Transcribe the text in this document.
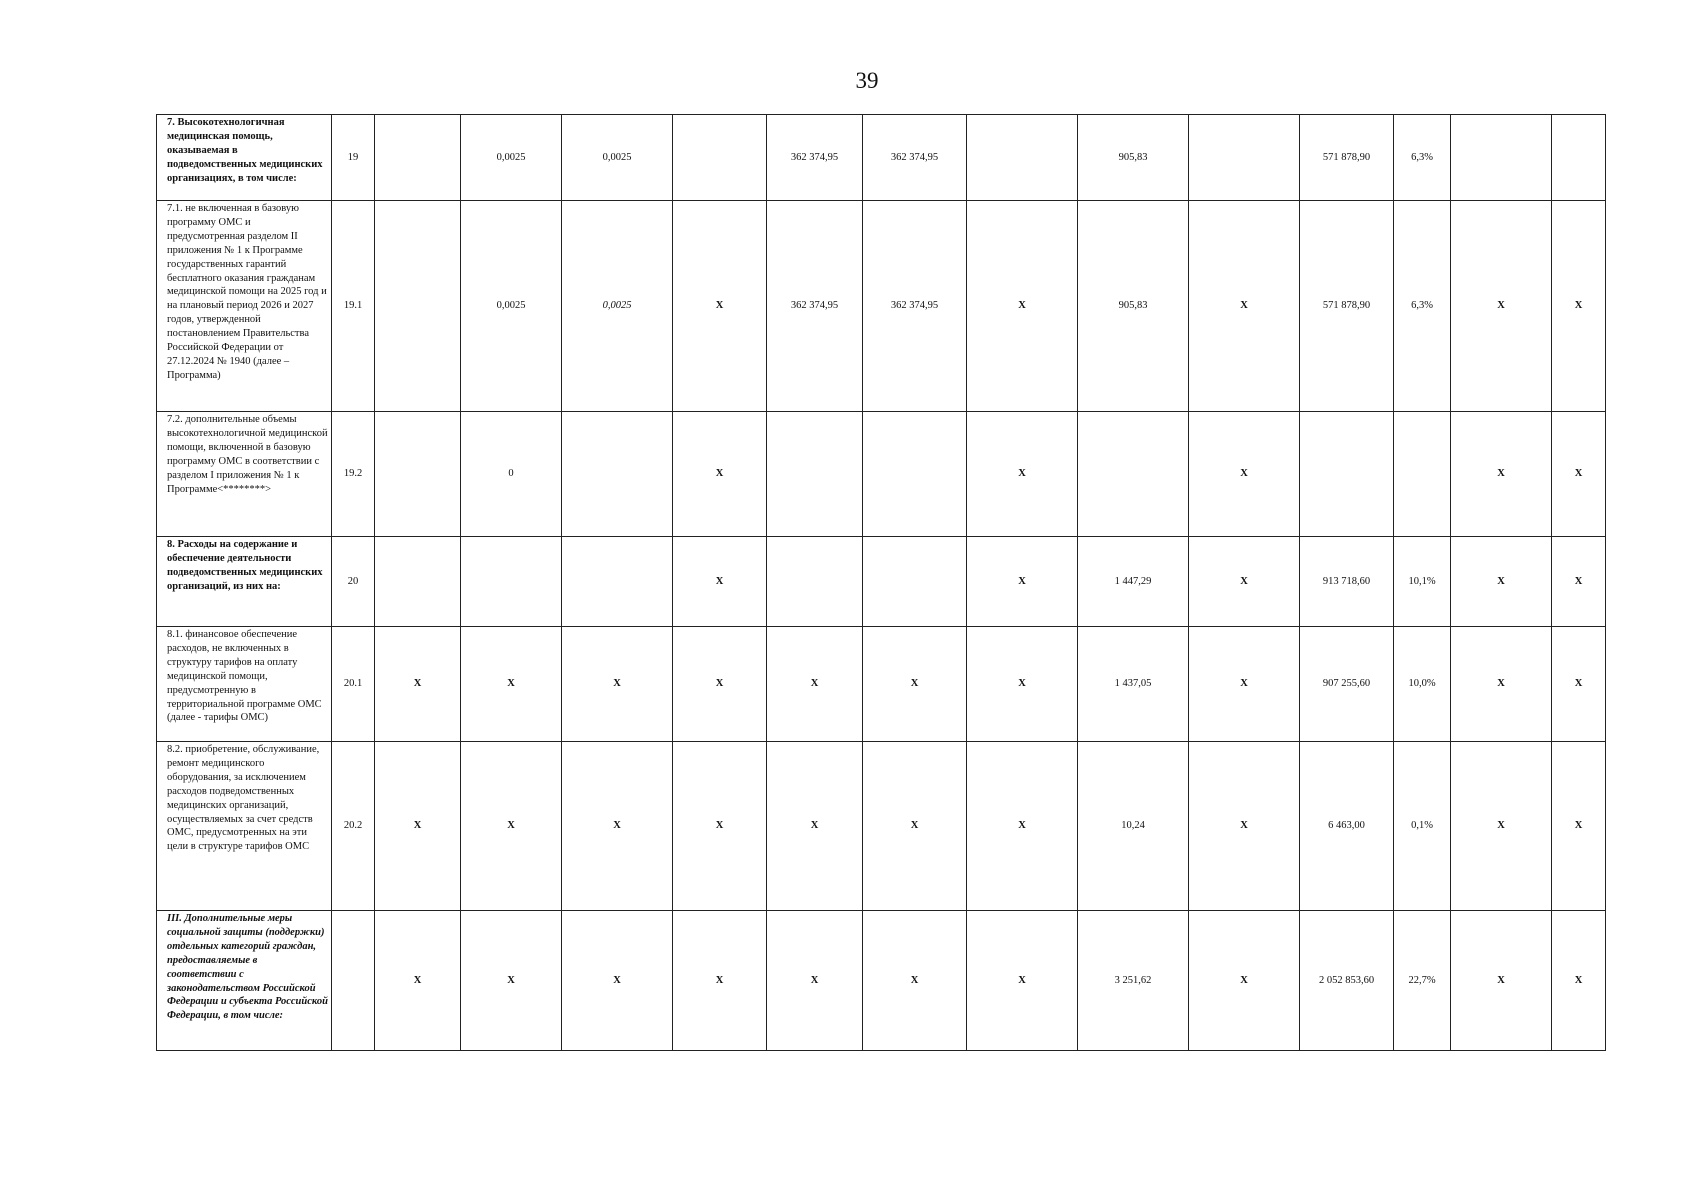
39
7. Высокотехнологичная медицинская помощь, оказываемая в подведомственных медицинских организациях, в том числе:	19		0,0025	0,0025		362 374,95	362 374,95		905,83		571 878,90	6,3%		
7.1. не включенная в базовую программу ОМС и предусмотренная разделом II приложения № 1 к Программе государственных гарантий бесплатного оказания гражданам медицинской помощи на 2025 год и на плановый период 2026 и 2027 годов, утвержденной постановлением Правительства Российской Федерации от 27.12.2024 № 1940 (далее – Программа)	19.1		0,0025	0,0025	X	362 374,95	362 374,95	X	905,83	X	571 878,90	6,3%	X	X
7.2. дополнительные объемы высокотехнологичной медицинской помощи, включенной в базовую программу ОМС в соответствии с разделом I приложения № 1 к Программе<********>	19.2		0		X			X		X			X	X
8. Расходы на содержание и обеспечение деятельности подведомственных медицинских организаций, из них на:	20				X			X	1 447,29	X	913 718,60	10,1%	X	X
8.1. финансовое обеспечение расходов, не включенных в структуру тарифов на оплату медицинской помощи, предусмотренную в территориальной программе ОМС (далее - тарифы ОМС)	20.1	X	X	X	X	X	X	X	1 437,05	X	907 255,60	10,0%	X	X
8.2. приобретение, обслуживание, ремонт медицинского оборудования, за исключением расходов подведомственных медицинских организаций, осуществляемых за счет средств ОМС, предусмотренных на эти цели в структуре тарифов ОМС	20.2	X	X	X	X	X	X	X	10,24	X	6 463,00	0,1%	X	X
III. Дополнительные меры социальной защиты (поддержки) отдельных категорий граждан, предоставляемые в соответствии с законодательством Российской Федерации и субъекта Российской Федерации, в том числе:		X	X	X	X	X	X	X	3 251,62	X	2 052 853,60	22,7%	X	X
